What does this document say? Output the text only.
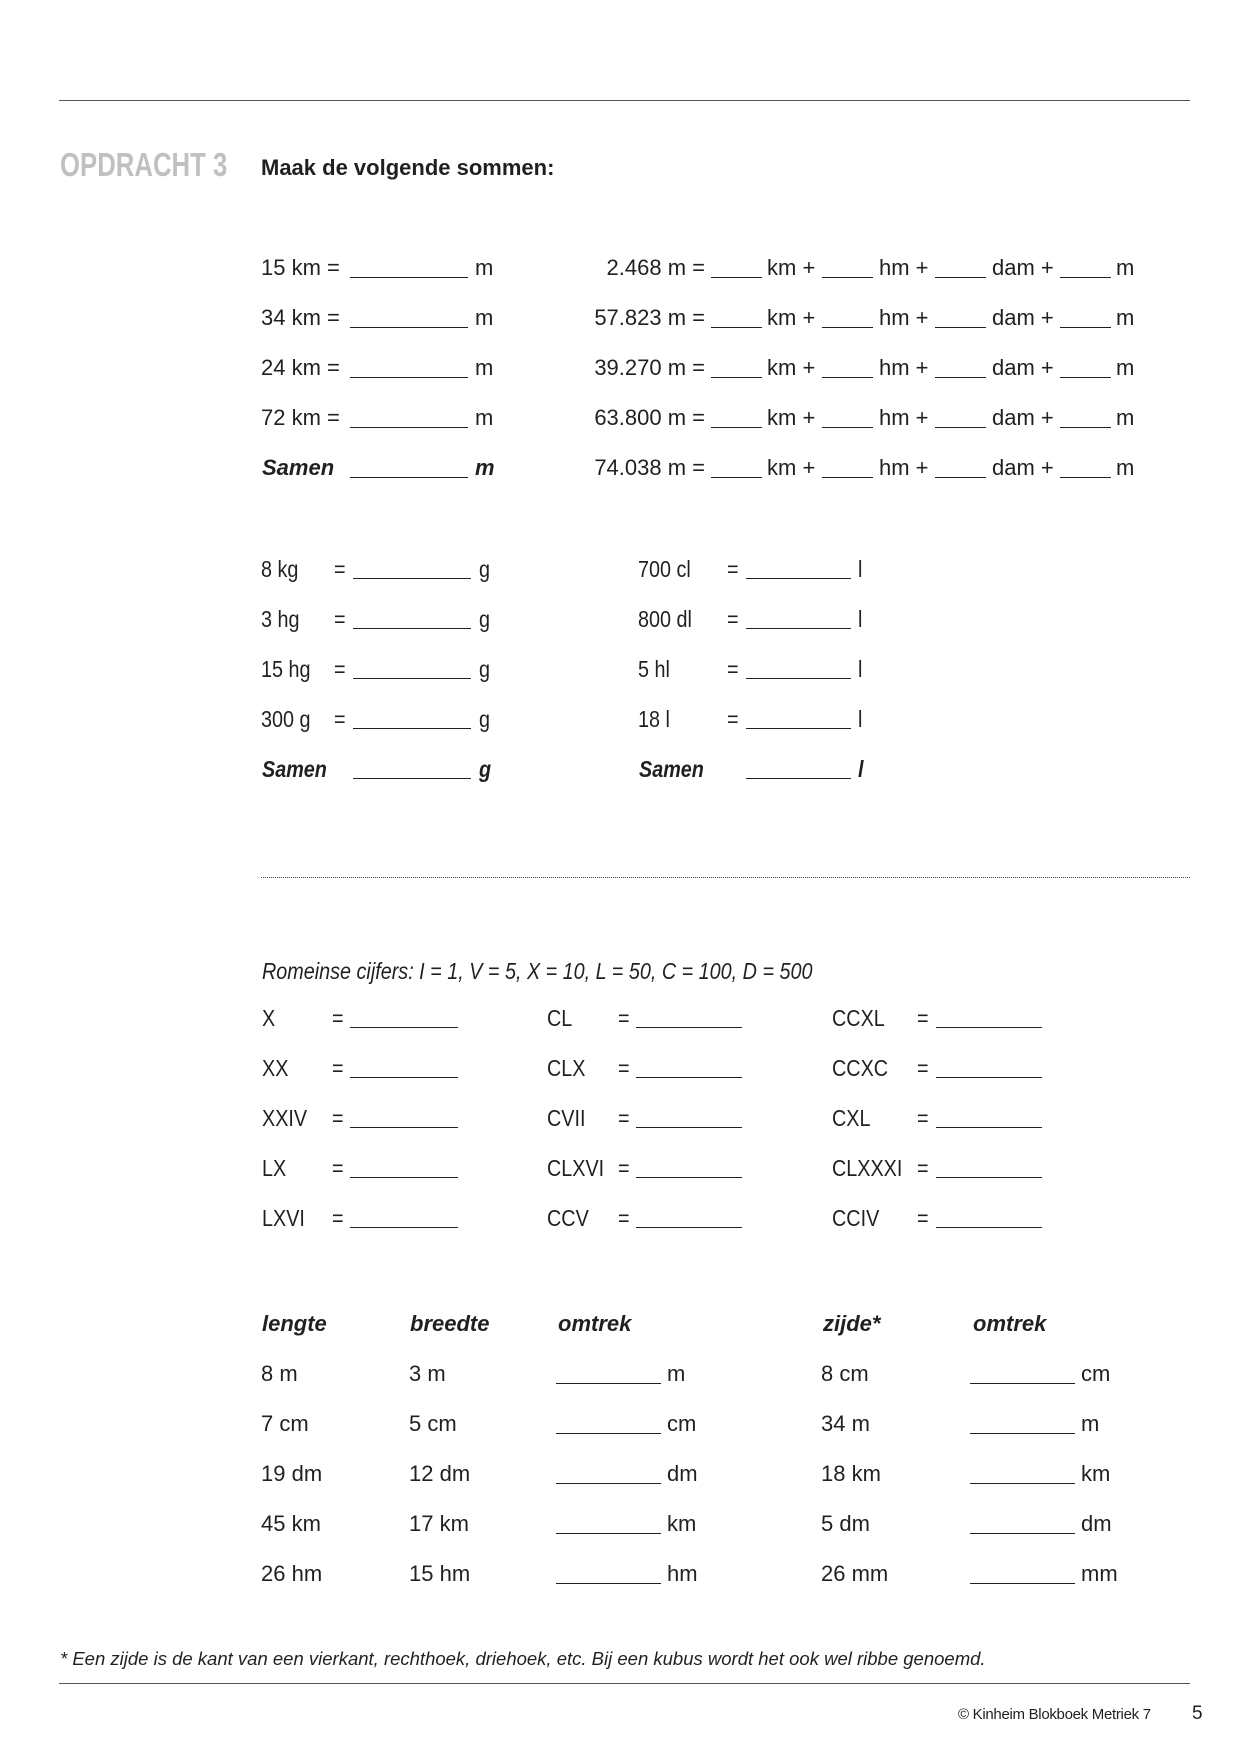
OPDRACHT 3 Maak de volgende sommen:
15 km =	m
34 km =	m
24 km =	m
72 km =	m
Samen	m
2.468 m =	km +	hm +	dam +	m
57.823 m =	km +	hm +	dam +	m
39.270 m =	km +	hm +	dam +	m
63.800 m =	km +	hm +	dam +	m
74.038 m =	km +	hm +	dam +	m
8 kg =	g
3 hg =	g
15 hg =	g
300 g =	g
Samen	g
700 cl =	l
800 dl =	l
5 hl =	l
18 l =	l
Samen	l
Romeinse cijfers: I = 1, V = 5, X = 10, L = 50, C = 100, D = 500
X =
XX =
XXIV =
LX =
LXVI =
CL =
CLX =
CVII =
CLXVI =
CCV =
CCXL =
CCXC =
CXL =
CLXXXI =
CCIV =
lengte	breedte	omtrek	zijde*	omtrek
8 m	3 m	m	8 cm	cm
7 cm	5 cm	cm	34 m	m
19 dm	12 dm	dm	18 km	km
45 km	17 km	km	5 dm	dm
26 hm	15 hm	hm	26 mm	mm
* Een zijde is de kant van een vierkant, rechthoek, driehoek, etc. Bij een kubus wordt het ook wel ribbe genoemd.
© Kinheim Blokboek Metriek 7 5
